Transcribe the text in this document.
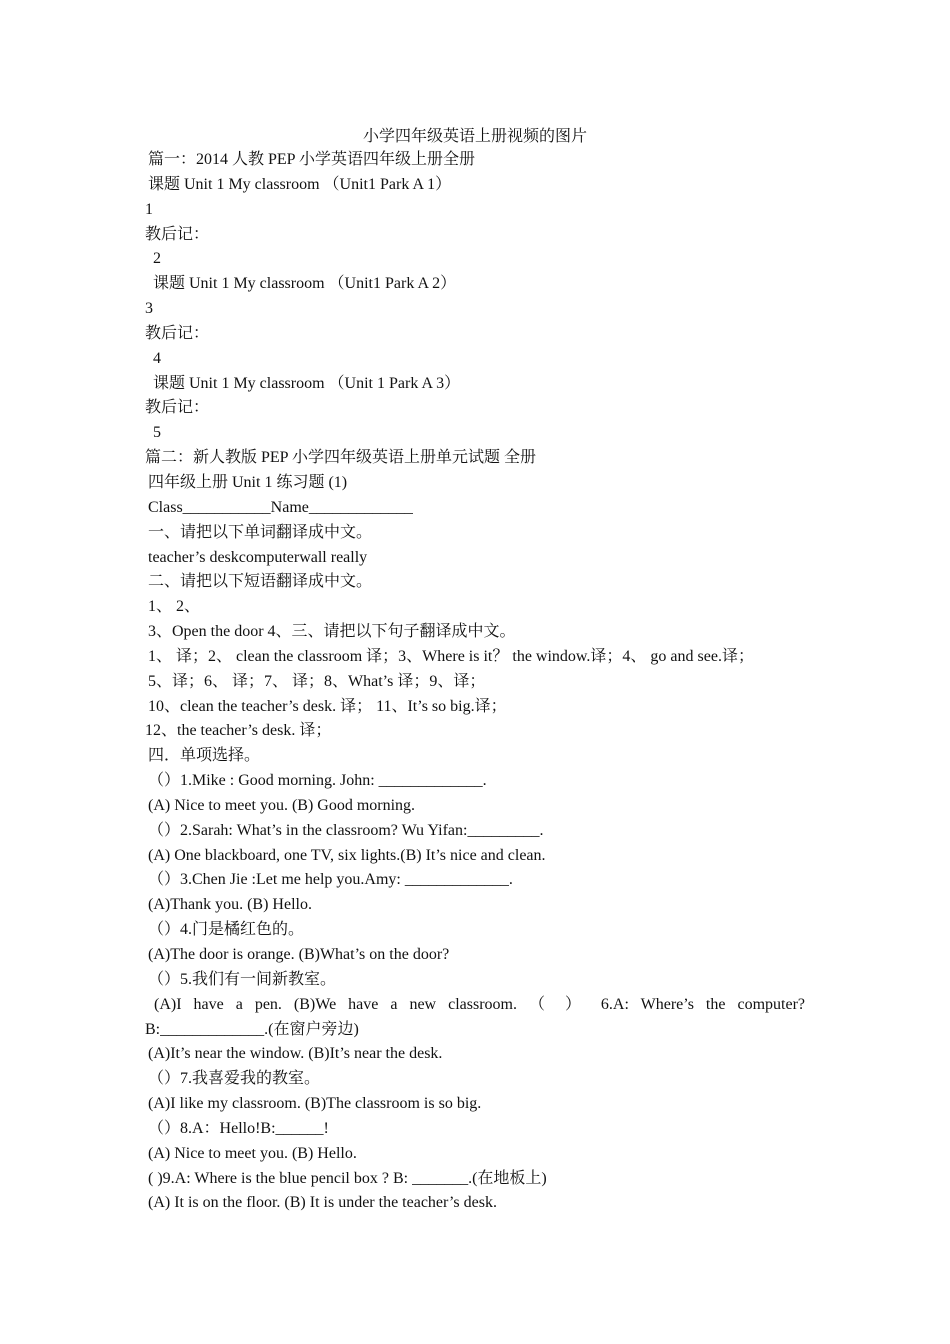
小学四年级英语上册视频的图片
篇一：2014 人教 PEP 小学英语四年级上册全册
课题 Unit 1 My classroom （Unit1 Park A 1）
1
教后记：
2
课题 Unit 1 My classroom （Unit1 Park A 2）
3
教后记：
4
课题 Unit 1 My classroom （Unit 1 Park A 3）
教后记：
5
篇二：新人教版 PEP 小学四年级英语上册单元试题 全册
四年级上册 Unit 1 练习题 (1)
Class___________Name_____________
一、请把以下单词翻译成中文。
teacher’s deskcomputerwall really
二、请把以下短语翻译成中文。
1、 2、
3、Open the door 4、三、请把以下句子翻译成中文。
1、 译；2、 clean the classroom 译；3、Where is it？ the window.译；4、 go and see.译；
5、译；6、 译；7、 译；8、What’s 译；9、译；
10、clean the teacher’s desk. 译； 11、It’s so big.译；
12、the teacher’s desk. 译；
四．单项选择。
（）1.Mike : Good morning. John: _____________.
(A) Nice to meet you. (B) Good morning.
（）2.Sarah: What’s in the classroom? Wu Yifan:_________.
(A) One blackboard, one TV, six lights.(B) It’s nice and clean.
（）3.Chen Jie :Let me help you.Amy: _____________.
(A)Thank you. (B) Hello.
（）4.门是橘红色的。
(A)The door is orange. (B)What’s on the door?
（）5.我们有一间新教室。
(A)I have a pen. (B)We have a new classroom. （ ） 6.A: Where’s the computer?
B:_____________.(在窗户旁边)
(A)It’s near the window. (B)It’s near the desk.
（）7.我喜爱我的教室。
(A)I like my classroom. (B)The classroom is so big.
（）8.A：Hello!B:______!
(A) Nice to meet you. (B) Hello.
( )9.A: Where is the blue pencil box ? B: _______.(在地板上)
(A) It is on the floor. (B) It is under the teacher’s desk.
